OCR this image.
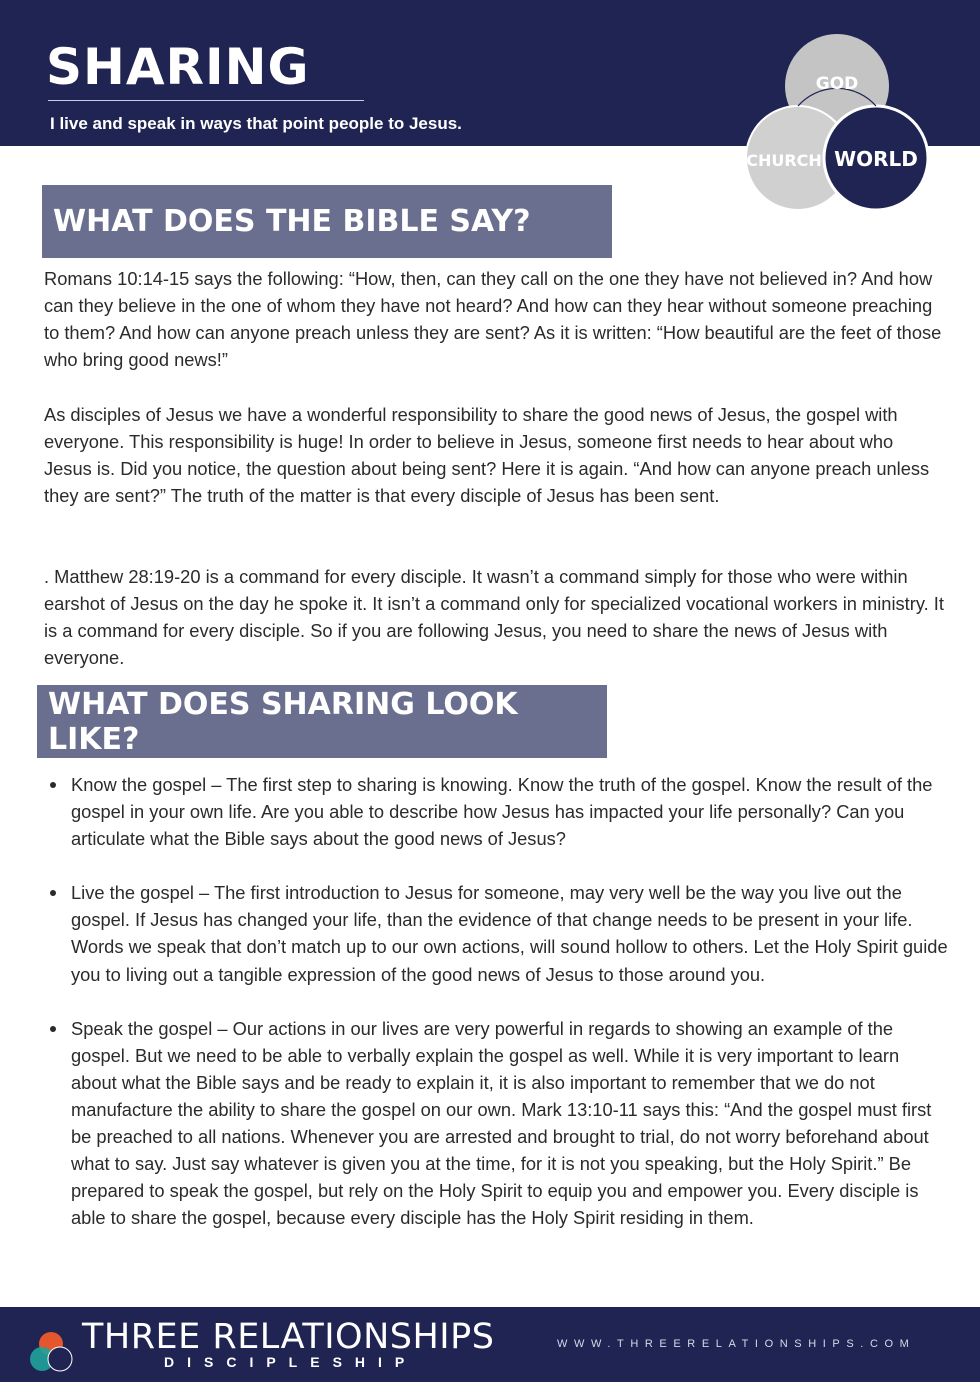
SHARING
I live and speak in ways that point people to Jesus.
GOD
CHURCH WORLD
WHAT DOES THE BIBLE SAY?

Romans 10:14-15 says the following: “How, then, can they call on the one they have not believed in? And how can they believe in the one of whom they have not heard? And how can they hear without someone preaching to them? And how can anyone preach unless they are sent? As it is written: “How beautiful are the feet of those who bring good news!”

As disciples of Jesus we have a wonderful responsibility to share the good news of Jesus, the gospel with everyone. This responsibility is huge! In order to believe in Jesus, someone first needs to hear about who Jesus is. Did you notice, the question about being sent? Here it is again. “And how can anyone preach unless they are sent?” The truth of the matter is that every disciple of Jesus has been sent.

. Matthew 28:19-20 is a command for every disciple. It wasn’t a command simply for those who were within earshot of Jesus on the day he spoke it. It isn’t a command only for specialized vocational workers in ministry. It is a command for every disciple. So if you are following Jesus, you need to share the news of Jesus with everyone.

WHAT DOES SHARING LOOK LIKE?
Know the gospel – The first step to sharing is knowing. Know the truth of the gospel. Know the result of the gospel in your own life. Are you able to describe how Jesus has impacted your life personally? Can you articulate what the Bible says about the good news of Jesus?
Live the gospel – The first introduction to Jesus for someone, may very well be the way you live out the gospel. If Jesus has changed your life, than the evidence of that change needs to be present in your life. Words we speak that don’t match up to our own actions, will sound hollow to others. Let the Holy Spirit guide you to living out a tangible expression of the good news of Jesus to those around you.
Speak the gospel – Our actions in our lives are very powerful in regards to showing an example of the gospel. But we need to be able to verbally explain the gospel as well. While it is very important to learn about what the Bible says and be ready to explain it, it is also important to remember that we do not manufacture the ability to share the gospel on our own. Mark 13:10-11 says this: “And the gospel must first be preached to all nations. Whenever you are arrested and brought to trial, do not worry beforehand about what to say. Just say whatever is given you at the time, for it is not you speaking, but the Holy Spirit.” Be prepared to speak the gospel, but rely on the Holy Spirit to equip you and empower you. Every disciple is able to share the gospel, because every disciple has the Holy Spirit residing in them.
THREE RELATIONSHIPS
DISCIPLESHIP
WWW.THREERELATIONSHIPS.COM
